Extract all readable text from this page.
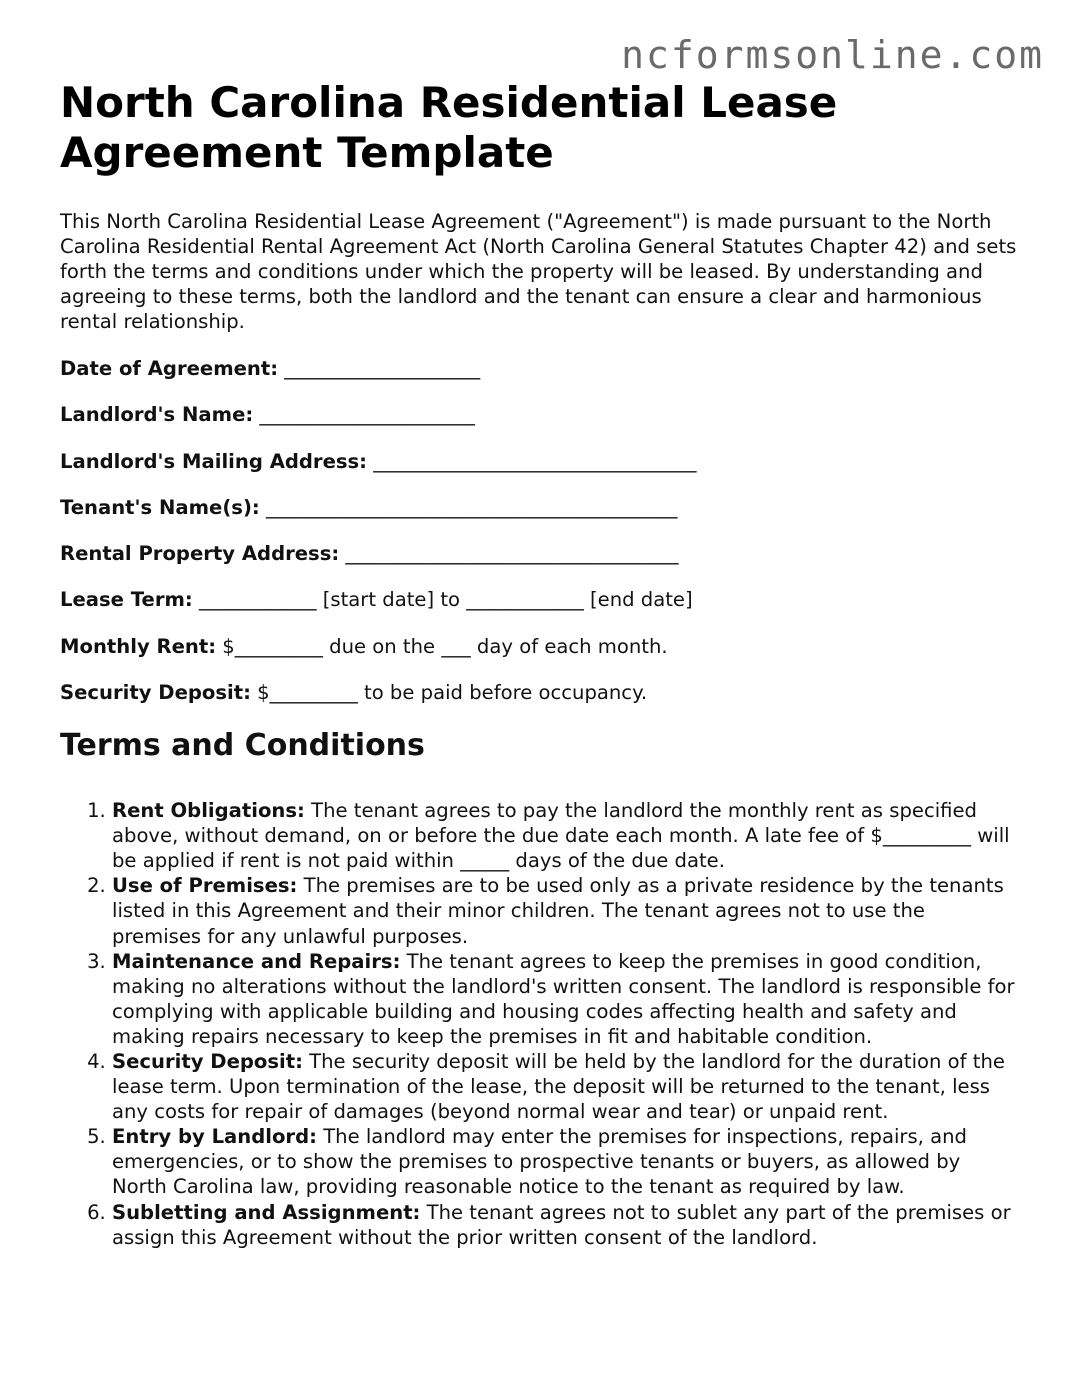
ncformsonline.com
North Carolina Residential Lease Agreement Template

This North Carolina Residential Lease Agreement ("Agreement") is made pursuant to the North Carolina Residential Rental Agreement Act (North Carolina General Statutes Chapter 42) and sets forth the terms and conditions under which the property will be leased. By understanding and agreeing to these terms, both the landlord and the tenant can ensure a clear and harmonious rental relationship.

Date of Agreement: ____________________
Landlord's Name: ______________________
Landlord's Mailing Address: _________________________________
Tenant's Name(s): __________________________________________
Rental Property Address: __________________________________
Lease Term: ____________ [start date] to ____________ [end date]
Monthly Rent: $_________ due on the ___ day of each month.
Security Deposit: $_________ to be paid before occupancy.
Terms and Conditions
1. Rent Obligations: The tenant agrees to pay the landlord the monthly rent as specified above, without demand, on or before the due date each month. A late fee of $_________ will be applied if rent is not paid within _____ days of the due date.
2. Use of Premises: The premises are to be used only as a private residence by the tenants listed in this Agreement and their minor children. The tenant agrees not to use the premises for any unlawful purposes.
3. Maintenance and Repairs: The tenant agrees to keep the premises in good condition, making no alterations without the landlord's written consent. The landlord is responsible for complying with applicable building and housing codes affecting health and safety and making repairs necessary to keep the premises in fit and habitable condition.
4. Security Deposit: The security deposit will be held by the landlord for the duration of the lease term. Upon termination of the lease, the deposit will be returned to the tenant, less any costs for repair of damages (beyond normal wear and tear) or unpaid rent.
5. Entry by Landlord: The landlord may enter the premises for inspections, repairs, and emergencies, or to show the premises to prospective tenants or buyers, as allowed by North Carolina law, providing reasonable notice to the tenant as required by law.
6. Subletting and Assignment: The tenant agrees not to sublet any part of the premises or assign this Agreement without the prior written consent of the landlord.
